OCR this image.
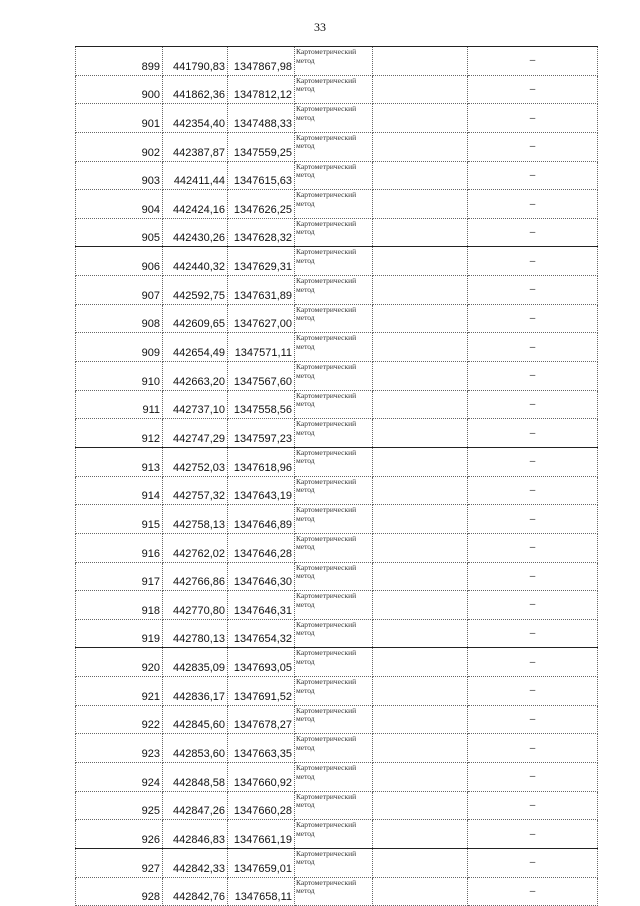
33
899	441790,83	1347867,98	Картометрический метод		–
900	441862,36	1347812,12	Картометрический метод		–
901	442354,40	1347488,33	Картометрический метод		–
902	442387,87	1347559,25	Картометрический метод		–
903	442411,44	1347615,63	Картометрический метод		–
904	442424,16	1347626,25	Картометрический метод		–
905	442430,26	1347628,32	Картометрический метод		–
906	442440,32	1347629,31	Картометрический метод		–
907	442592,75	1347631,89	Картометрический метод		–
908	442609,65	1347627,00	Картометрический метод		–
909	442654,49	1347571,11	Картометрический метод		–
910	442663,20	1347567,60	Картометрический метод		–
911	442737,10	1347558,56	Картометрический метод		–
912	442747,29	1347597,23	Картометрический метод		–
913	442752,03	1347618,96	Картометрический метод		–
914	442757,32	1347643,19	Картометрический метод		–
915	442758,13	1347646,89	Картометрический метод		–
916	442762,02	1347646,28	Картометрический метод		–
917	442766,86	1347646,30	Картометрический метод		–
918	442770,80	1347646,31	Картометрический метод		–
919	442780,13	1347654,32	Картометрический метод		–
920	442835,09	1347693,05	Картометрический метод		–
921	442836,17	1347691,52	Картометрический метод		–
922	442845,60	1347678,27	Картометрический метод		–
923	442853,60	1347663,35	Картометрический метод		–
924	442848,58	1347660,92	Картометрический метод		–
925	442847,26	1347660,28	Картометрический метод		–
926	442846,83	1347661,19	Картометрический метод		–
927	442842,33	1347659,01	Картометрический метод		–
928	442842,76	1347658,11	Картометрический метод		–
